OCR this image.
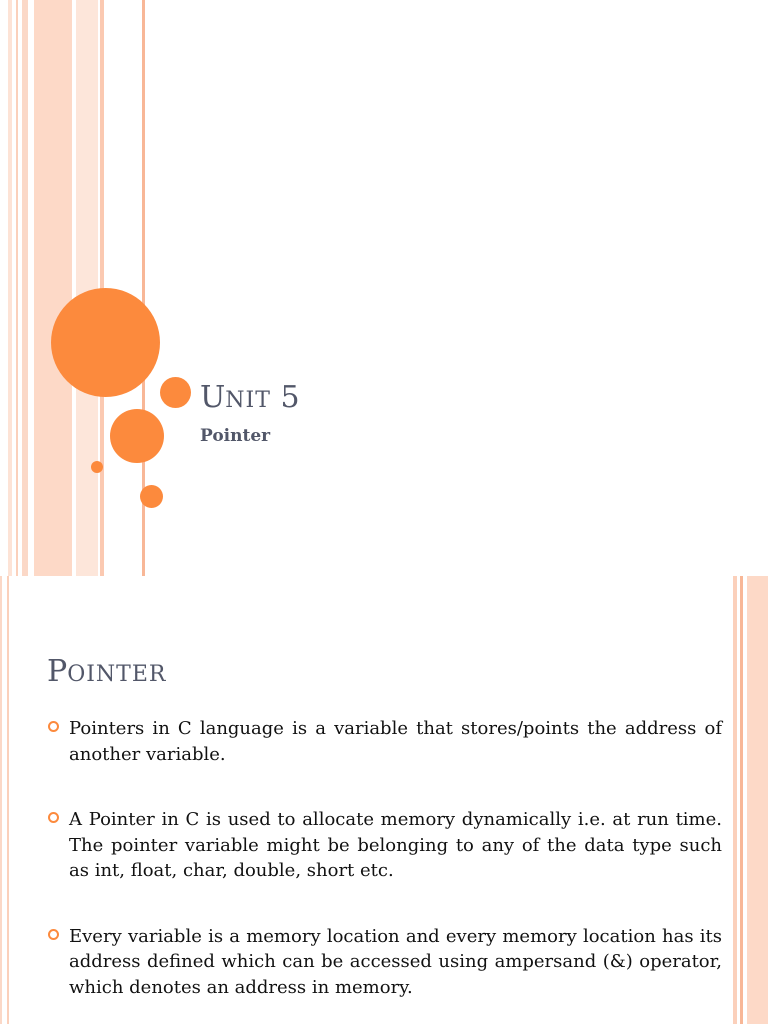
UNIT 5

Pointer

POINTER
Pointers in C language is a variable that stores/points the address of another variable.
A Pointer in C is used to allocate memory dynamically i.e. at run time. The pointer variable might be belonging to any of the data type such as int, float, char, double, short etc.
Every variable is a memory location and every memory location has its address defined which can be accessed using ampersand (&) operator, which denotes an address in memory.
